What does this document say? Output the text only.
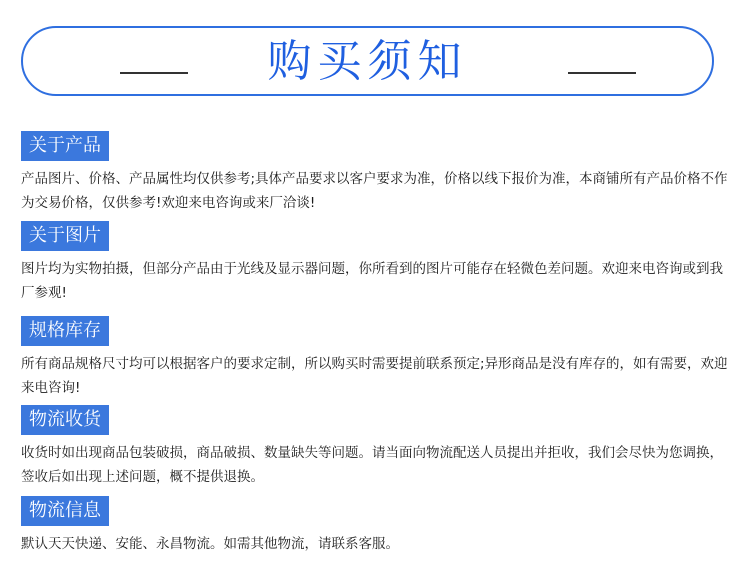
购买须知
关于产品

产品图片、价格、产品属性均仅供参考;具体产品要求以客户要求为准，价格以线下报价为准，本商铺所有产品价格不作为交易价格，仅供参考!欢迎来电咨询或来厂洽谈!

关于图片

图片均为实物拍摄，但部分产品由于光线及显示器问题，你所看到的图片可能存在轻微色差问题。欢迎来电咨询或到我厂参观!

规格库存

所有商品规格尺寸均可以根据客户的要求定制，所以购买时需要提前联系预定;异形商品是没有库存的，如有需要，欢迎来电咨询!

物流收货

收货时如出现商品包装破损，商品破损、数量缺失等问题。请当面向物流配送人员提出并拒收，我们会尽快为您调换，签收后如出现上述问题，概不提供退换。

物流信息

默认天天快递、安能、永昌物流。如需其他物流，请联系客服。
